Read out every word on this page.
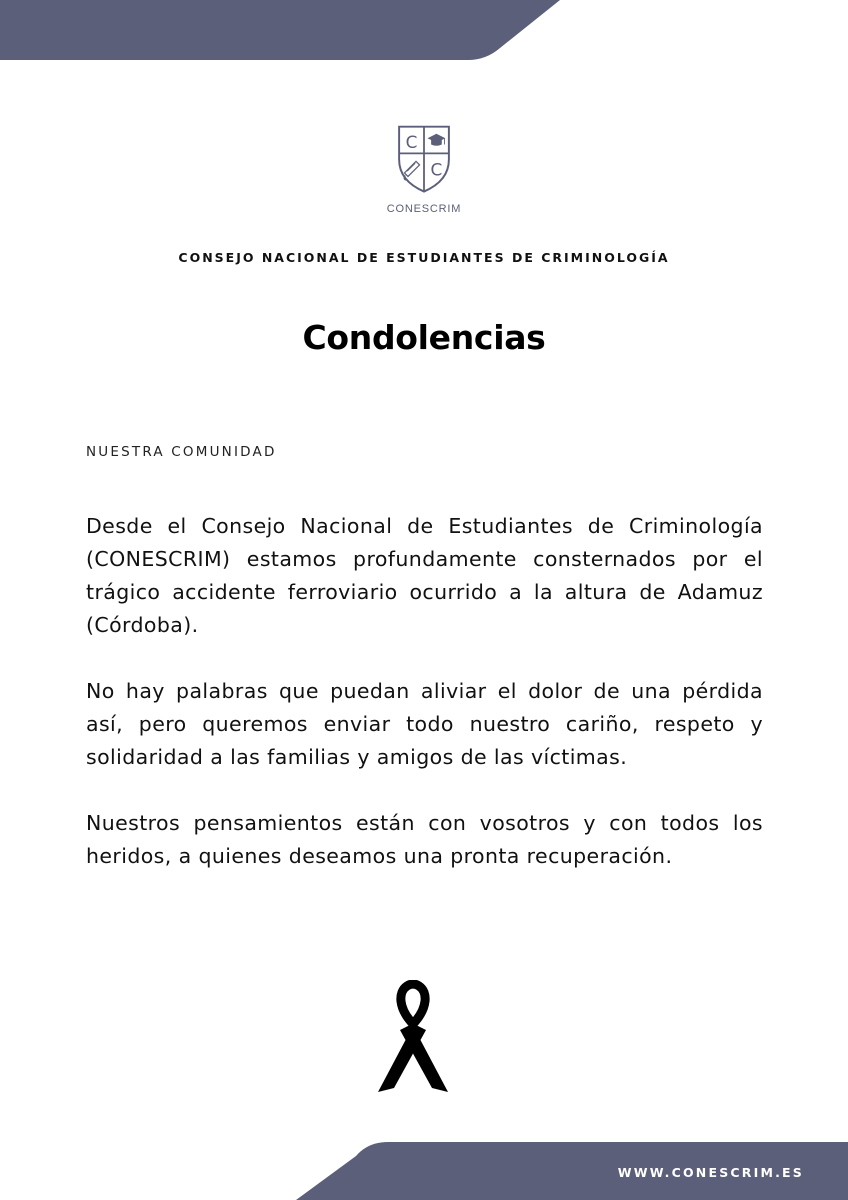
C
C
CONESCRIM
CONSEJO NACIONAL DE ESTUDIANTES DE CRIMINOLOGÍA
Condolencias
NUESTRA COMUNIDAD

Desde el Consejo Nacional de Estudiantes de Criminología (CONESCRIM) estamos profundamente consternados por el trágico accidente ferroviario ocurrido a la altura de Adamuz (Córdoba).

No hay palabras que puedan aliviar el dolor de una pérdida así, pero queremos enviar todo nuestro cariño, respeto y solidaridad a las familias y amigos de las víctimas.

Nuestros pensamientos están con vosotros y con todos los heridos, a quienes deseamos una pronta recuperación.

WWW.CONESCRIM.ES
